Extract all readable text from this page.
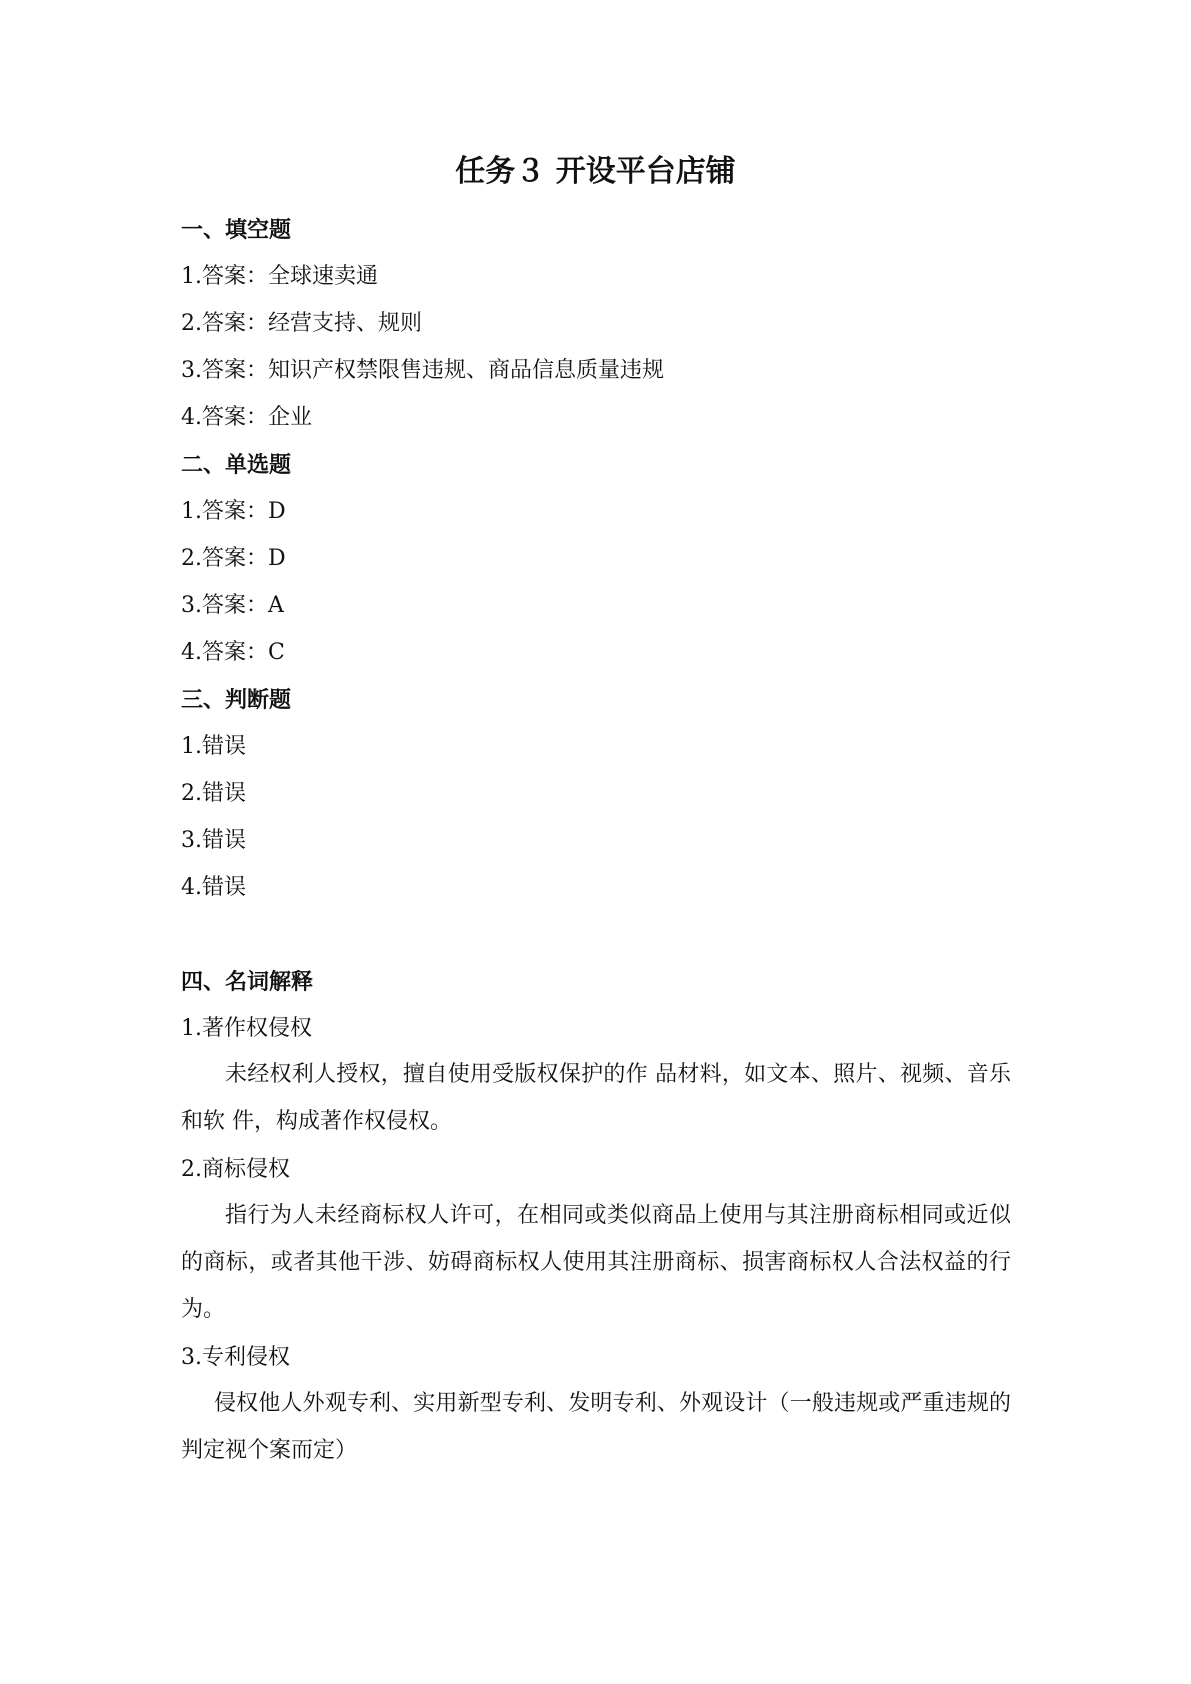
任务３ 开设平台店铺
一、填空题
1.答案：全球速卖通
2.答案：经营支持、规则
3.答案：知识产权禁限售违规、商品信息质量违规
4.答案：企业
二、单选题
1.答案：D
2.答案：D
3.答案：A
4.答案：C
三、判断题
1.错误
2.错误
3.错误
4.错误
四、名词解释
1.著作权侵权

未经权利人授权，擅自使用受版权保护的作 品材料，如文本、照片、视频、音乐和软 件，构成著作权侵权。

2.商标侵权

指行为人未经商标权人许可，在相同或类似商品上使用与其注册商标相同或近似的商标，或者其他干涉、妨碍商标权人使用其注册商标、损害商标权人合法权益的行为。

3.专利侵权

侵权他人外观专利、实用新型专利、发明专利、外观设计（一般违规或严重违规的判定视个案而定）
